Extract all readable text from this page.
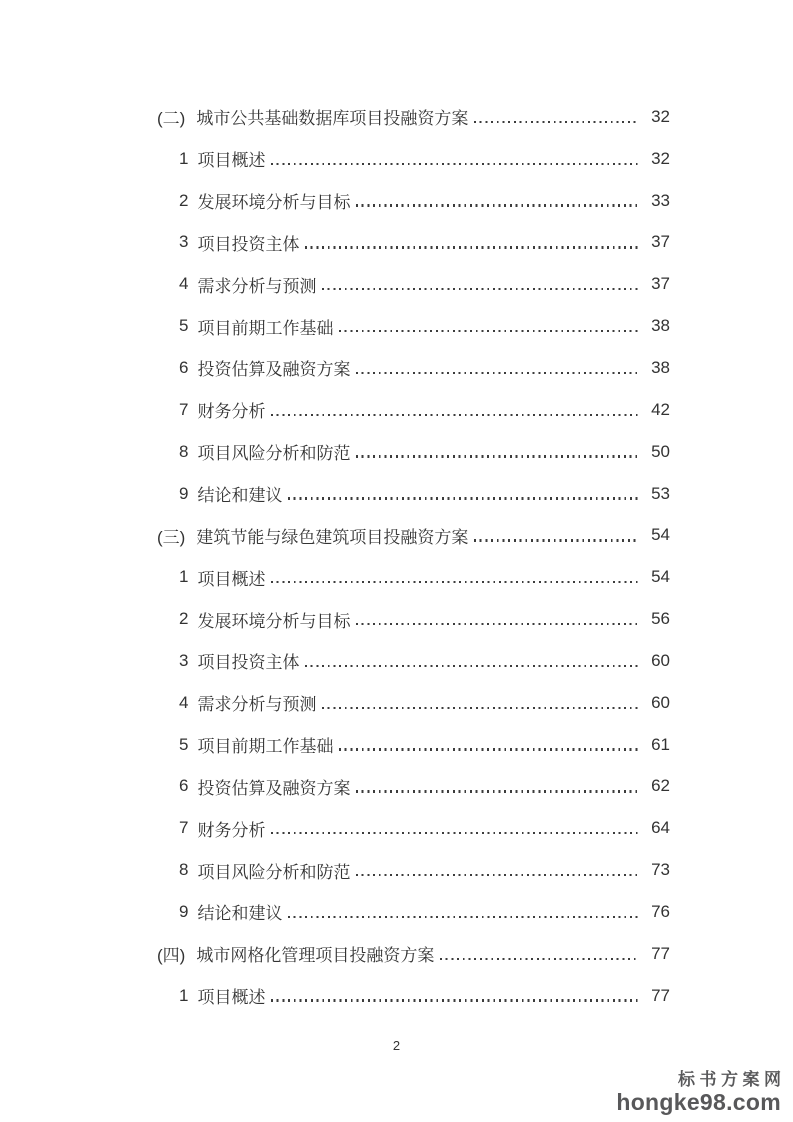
(二) 城市公共基础数据库项目投融资方案	32
1 项目概述	32
2 发展环境分析与目标	33
3 项目投资主体	37
4 需求分析与预测	37
5 项目前期工作基础	38
6 投资估算及融资方案	38
7 财务分析	42
8 项目风险分析和防范	50
9 结论和建议	53
(三) 建筑节能与绿色建筑项目投融资方案	54
1 项目概述	54
2 发展环境分析与目标	56
3 项目投资主体	60
4 需求分析与预测	60
5 项目前期工作基础	61
6 投资估算及融资方案	62
7 财务分析	64
8 项目风险分析和防范	73
9 结论和建议	76
(四) 城市网格化管理项目投融资方案	77
1 项目概述	77
2
标书方案网
hongke98.com
